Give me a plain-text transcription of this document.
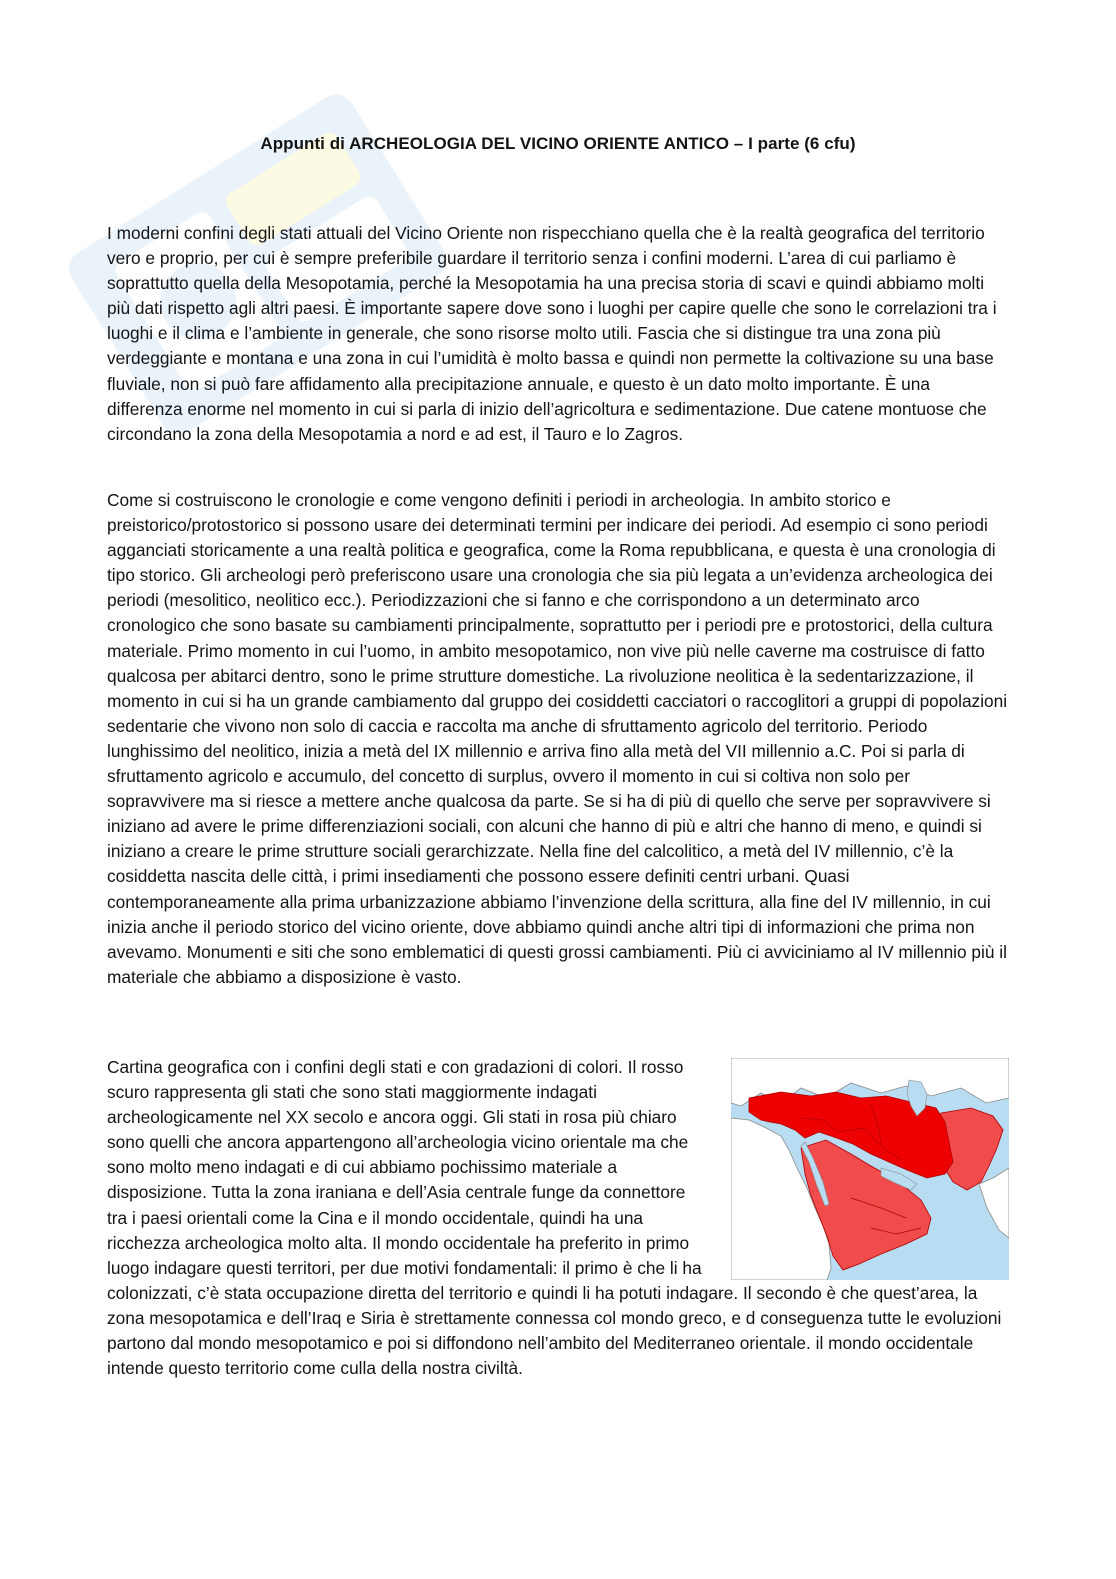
Appunti di ARCHEOLOGIA DEL VICINO ORIENTE ANTICO – I parte (6 cfu)

I moderni confini degli stati attuali del Vicino Oriente non rispecchiano quella che è la realtà geografica del territorio vero e proprio, per cui è sempre preferibile guardare il territorio senza i confini moderni. L’area di cui parliamo è soprattutto quella della Mesopotamia, perché la Mesopotamia ha una precisa storia di scavi e quindi abbiamo molti più dati rispetto agli altri paesi. È importante sapere dove sono i luoghi per capire quelle che sono le correlazioni tra i luoghi e il clima e l’ambiente in generale, che sono risorse molto utili. Fascia che si distingue tra una zona più verdeggiante e montana e una zona in cui l’umidità è molto bassa e quindi non permette la coltivazione su una base fluviale, non si può fare affidamento alla precipitazione annuale, e questo è un dato molto importante. È una differenza enorme nel momento in cui si parla di inizio dell’agricoltura e sedimentazione. Due catene montuose che circondano la zona della Mesopotamia a nord e ad est, il Tauro e lo Zagros.

Come si costruiscono le cronologie e come vengono definiti i periodi in archeologia. In ambito storico e preistorico/protostorico si possono usare dei determinati termini per indicare dei periodi. Ad esempio ci sono periodi agganciati storicamente a una realtà politica e geografica, come la Roma repubblicana, e questa è una cronologia di tipo storico. Gli archeologi però preferiscono usare una cronologia che sia più legata a un’evidenza archeologica dei periodi (mesolitico, neolitico ecc.). Periodizzazioni che si fanno e che corrispondono a un determinato arco cronologico che sono basate su cambiamenti principalmente, soprattutto per i periodi pre e protostorici, della cultura materiale. Primo momento in cui l’uomo, in ambito mesopotamico, non vive più nelle caverne ma costruisce di fatto qualcosa per abitarci dentro, sono le prime strutture domestiche. La rivoluzione neolitica è la sedentarizzazione, il momento in cui si ha un grande cambiamento dal gruppo dei cosiddetti cacciatori o raccoglitori a gruppi di popolazioni sedentarie che vivono non solo di caccia e raccolta ma anche di sfruttamento agricolo del territorio. Periodo lunghissimo del neolitico, inizia a metà del IX millennio e arriva fino alla metà del VII millennio a.C. Poi si parla di sfruttamento agricolo e accumulo, del concetto di surplus, ovvero il momento in cui si coltiva non solo per sopravvivere ma si riesce a mettere anche qualcosa da parte. Se si ha di più di quello che serve per sopravvivere si iniziano ad avere le prime differenziazioni sociali, con alcuni che hanno di più e altri che hanno di meno, e quindi si iniziano a creare le prime strutture sociali gerarchizzate. Nella fine del calcolitico, a metà del IV millennio, c’è la cosiddetta nascita delle città, i primi insediamenti che possono essere definiti centri urbani. Quasi contemporaneamente alla prima urbanizzazione abbiamo l’invenzione della scrittura, alla fine del IV millennio, in cui inizia anche il periodo storico del vicino oriente, dove abbiamo quindi anche altri tipi di informazioni che prima non avevamo. Monumenti e siti che sono emblematici di questi grossi cambiamenti. Più ci avviciniamo al IV millennio più il materiale che abbiamo a disposizione è vasto.

Cartina geografica con i confini degli stati e con gradazioni di colori. Il rosso scuro rappresenta gli stati che sono stati maggiormente indagati archeologicamente nel XX secolo e ancora oggi. Gli stati in rosa più chiaro sono quelli che ancora appartengono all’archeologia vicino orientale ma che sono molto meno indagati e di cui abbiamo pochissimo materiale a disposizione. Tutta la zona iraniana e dell’Asia centrale funge da connettore tra i paesi orientali come la Cina e il mondo occidentale, quindi ha una ricchezza archeologica molto alta. Il mondo occidentale ha preferito in primo luogo indagare questi territori, per due motivi fondamentali: il primo è che li ha colonizzati, c’è stata occupazione diretta del territorio e quindi li ha potuti indagare. Il secondo è che quest’area, la zona mesopotamica e dell’Iraq e Siria è strettamente connessa col mondo greco, e d conseguenza tutte le evoluzioni partono dal mondo mesopotamico e poi si diffondono nell’ambito del Mediterraneo orientale. il mondo occidentale intende questo territorio come culla della nostra civiltà.
